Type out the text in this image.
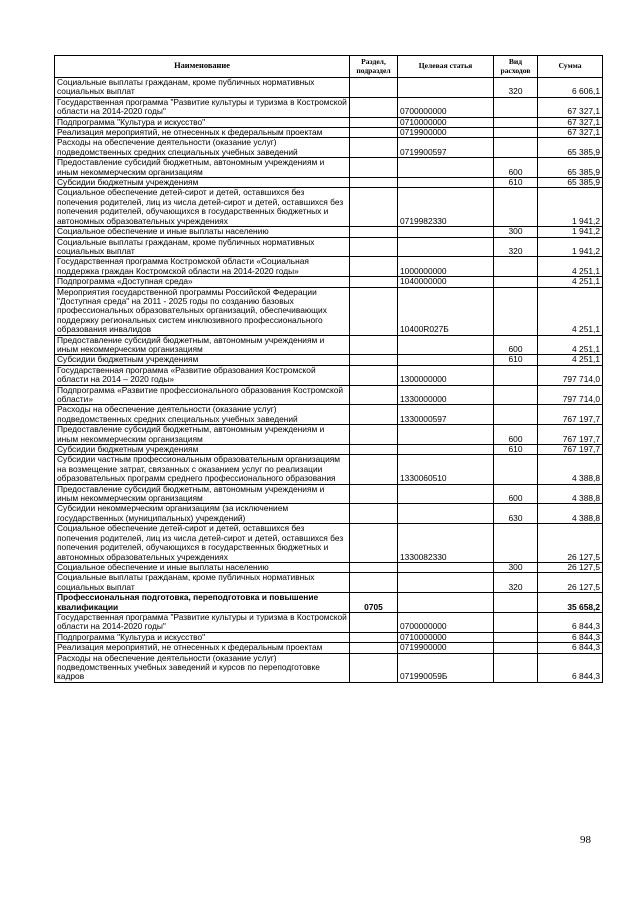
Наименование	Раздел, подраздел	Целевая статья	Вид расходов	Сумма
Социальные выплаты гражданам, кроме публичных нормативных социальных выплат			320	6 606,1
Государственная программа "Развитие культуры и туризма в Костромской области на 2014-2020 годы"		0700000000		67 327,1
Подпрограмма "Культура и искусство"		0710000000		67 327,1
Реализация мероприятий, не отнесенных к федеральным проектам		0719900000		67 327,1
Расходы на обеспечение деятельности (оказание услуг) подведомственных средних специальных учебных заведений		0719900597		65 385,9
Предоставление субсидий бюджетным, автономным учреждениям и иным некоммерческим организациям			600	65 385,9
Субсидии бюджетным учреждениям			610	65 385,9
Социальное обеспечение детей-сирот и детей, оставшихся без попечения родителей, лиц из числа детей-сирот и детей, оставшихся без попечения родителей, обучающихся в государственных бюджетных и автономных образовательных учреждениях		0719982330		1 941,2
Социальное обеспечение и иные выплаты населению			300	1 941,2
Социальные выплаты гражданам, кроме публичных нормативных социальных выплат			320	1 941,2
Государственная программа Костромской области «Социальная поддержка граждан Костромской области на 2014-2020 годы»		1000000000		4 251,1
Подпрограмма «Доступная среда»		1040000000		4 251,1
Мероприятия государственной программы Российской Федерации "Доступная среда" на 2011 - 2025 годы по созданию базовых профессиональных образовательных организаций, обеспечивающих поддержку региональных систем инклюзивного профессионального образования инвалидов		10400R027Б		4 251,1
Предоставление субсидий бюджетным, автономным учреждениям и иным некоммерческим организациям			600	4 251,1
Субсидии бюджетным учреждениям			610	4 251,1
Государственная программа «Развитие образования Костромской области на 2014 – 2020 годы»		1300000000		797 714,0
Подпрограмма «Развитие профессионального образования Костромской области»		1330000000		797 714,0
Расходы на обеспечение деятельности (оказание услуг) подведомственных средних специальных учебных заведений		1330000597		767 197,7
Предоставление субсидий бюджетным, автономным учреждениям и иным некоммерческим организациям			600	767 197,7
Субсидии бюджетным учреждениям			610	767 197,7
Субсидии частным профессиональным образовательным организациям на возмещение затрат, связанных с оказанием услуг по реализации образовательных программ среднего профессионального образования		1330060510		4 388,8
Предоставление субсидий бюджетным, автономным учреждениям и иным некоммерческим организациям			600	4 388,8
Субсидии некоммерческим организациям (за исключением государственных (муниципальных) учреждений)			630	4 388,8
Социальное обеспечение детей-сирот и детей, оставшихся без попечения родителей, лиц из числа детей-сирот и детей, оставшихся без попечения родителей, обучающихся в государственных бюджетных и автономных образовательных учреждениях		1330082330		26 127,5
Социальное обеспечение и иные выплаты населению			300	26 127,5
Социальные выплаты гражданам, кроме публичных нормативных социальных выплат			320	26 127,5
Профессиональная подготовка, переподготовка и повышение квалификации	0705			35 658,2
Государственная программа "Развитие культуры и туризма в Костромской области на 2014-2020 годы"		0700000000		6 844,3
Подпрограмма "Культура и искусство"		0710000000		6 844,3
Реализация мероприятий, не отнесенных к федеральным проектам		0719900000		6 844,3
Расходы на обеспечение деятельности (оказание услуг) подведомственных учебных заведений и курсов по переподготовке кадров		071990059Б		6 844,3
98
